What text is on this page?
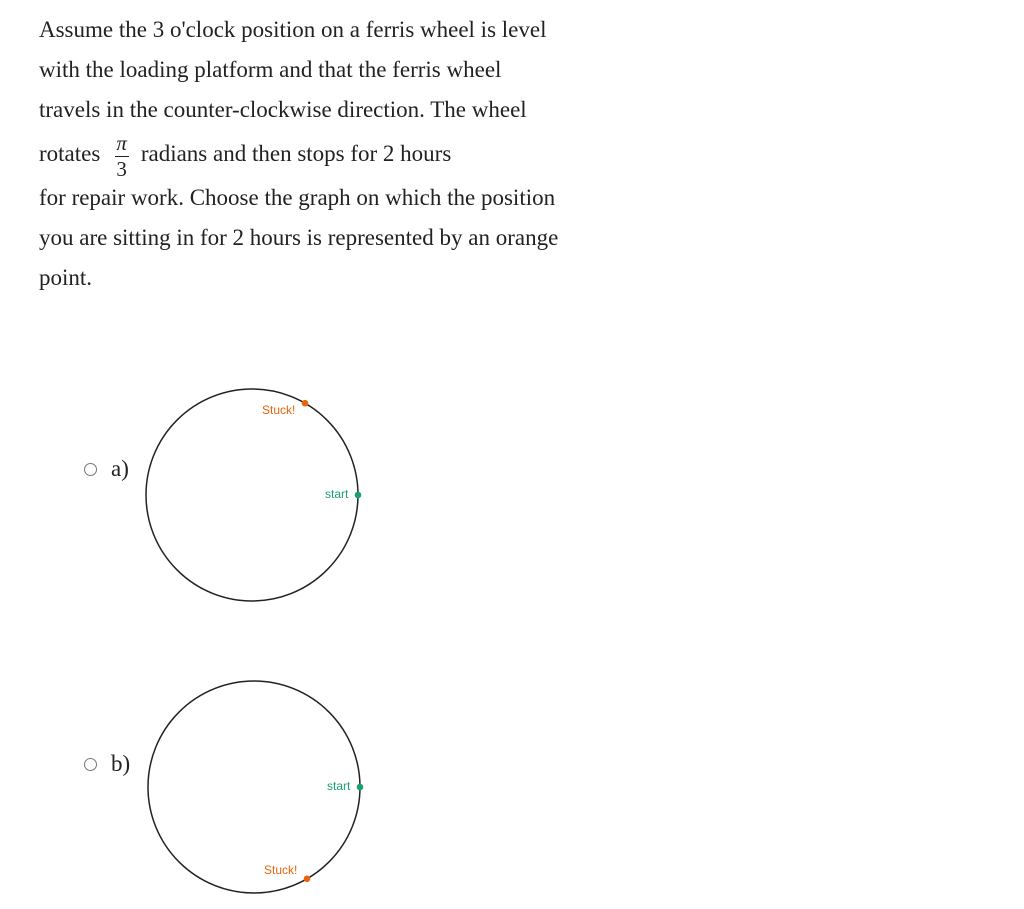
Assume the 3 o'clock position on a ferris wheel is level
with the loading platform and that the ferris wheel
travels in the counter-clockwise direction. The wheel
rotates $\frac{\pi}{3}$ radians and then stops for 2 hours
for repair work. Choose the graph on which the position
you are sitting in for 2 hours is represented by an orange
point.
a)
start
Stuck!
b)
start
Stuck!
